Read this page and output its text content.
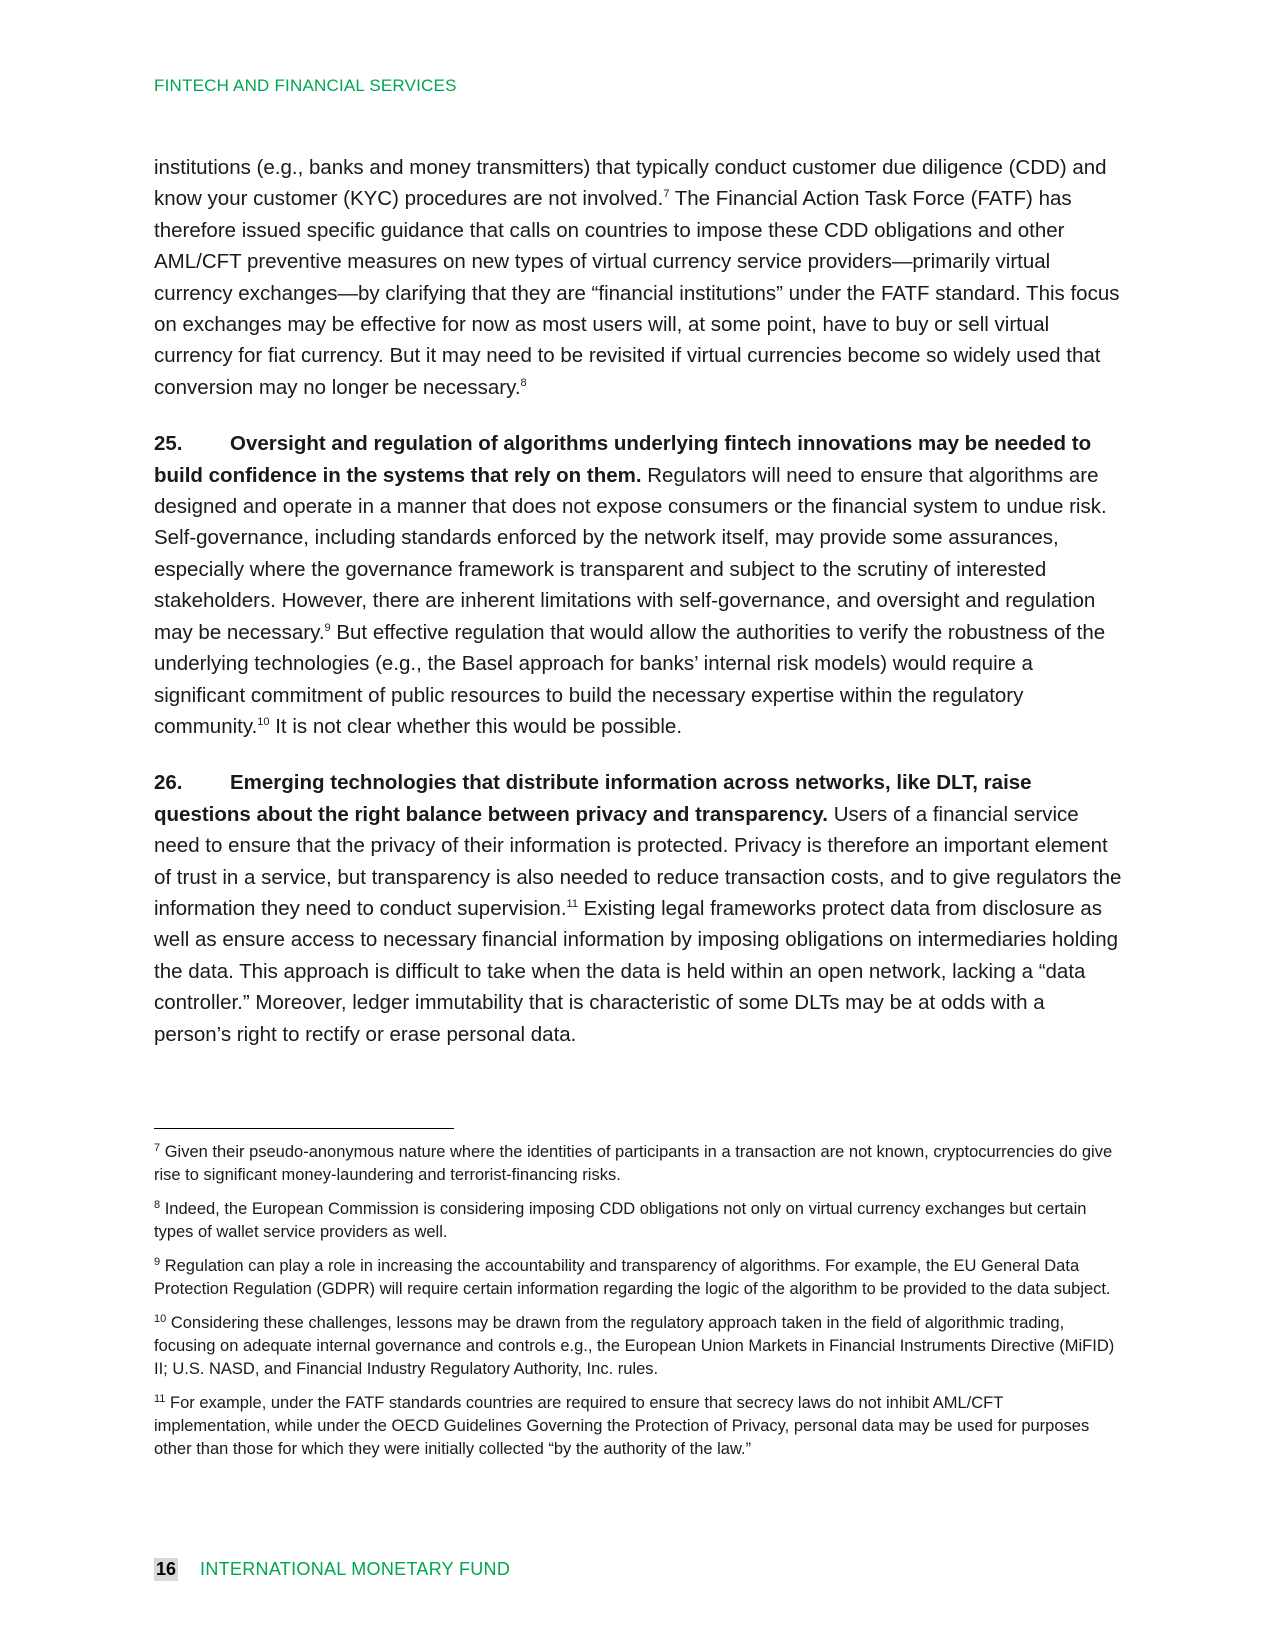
FINTECH AND FINANCIAL SERVICES

institutions (e.g., banks and money transmitters) that typically conduct customer due diligence (CDD) and know your customer (KYC) procedures are not involved.$^7$ The Financial Action Task Force (FATF) has therefore issued specific guidance that calls on countries to impose these CDD obligations and other AML/CFT preventive measures on new types of virtual currency service providers—primarily virtual currency exchanges—by clarifying that they are “financial institutions” under the FATF standard. This focus on exchanges may be effective for now as most users will, at some point, have to buy or sell virtual currency for fiat currency. But it may need to be revisited if virtual currencies become so widely used that conversion may no longer be necessary.$^8$

25. Oversight and regulation of algorithms underlying fintech innovations may be needed to build confidence in the systems that rely on them. Regulators will need to ensure that algorithms are designed and operate in a manner that does not expose consumers or the financial system to undue risk. Self-governance, including standards enforced by the network itself, may provide some assurances, especially where the governance framework is transparent and subject to the scrutiny of interested stakeholders. However, there are inherent limitations with self-governance, and oversight and regulation may be necessary.$^9$ But effective regulation that would allow the authorities to verify the robustness of the underlying technologies (e.g., the Basel approach for banks’ internal risk models) would require a significant commitment of public resources to build the necessary expertise within the regulatory community.$^{10}$ It is not clear whether this would be possible.

26. Emerging technologies that distribute information across networks, like DLT, raise questions about the right balance between privacy and transparency. Users of a financial service need to ensure that the privacy of their information is protected. Privacy is therefore an important element of trust in a service, but transparency is also needed to reduce transaction costs, and to give regulators the information they need to conduct supervision.$^{11}$ Existing legal frameworks protect data from disclosure as well as ensure access to necessary financial information by imposing obligations on intermediaries holding the data. This approach is difficult to take when the data is held within an open network, lacking a “data controller.” Moreover, ledger immutability that is characteristic of some DLTs may be at odds with a person’s right to rectify or erase personal data.

$^7$ Given their pseudo-anonymous nature where the identities of participants in a transaction are not known, cryptocurrencies do give rise to significant money-laundering and terrorist-financing risks.

$^8$ Indeed, the European Commission is considering imposing CDD obligations not only on virtual currency exchanges but certain types of wallet service providers as well.

$^9$ Regulation can play a role in increasing the accountability and transparency of algorithms. For example, the EU General Data Protection Regulation (GDPR) will require certain information regarding the logic of the algorithm to be provided to the data subject.

$^{10}$ Considering these challenges, lessons may be drawn from the regulatory approach taken in the field of algorithmic trading, focusing on adequate internal governance and controls e.g., the European Union Markets in Financial Instruments Directive (MiFID) II; U.S. NASD, and Financial Industry Regulatory Authority, Inc. rules.

$^{11}$ For example, under the FATF standards countries are required to ensure that secrecy laws do not inhibit AML/CFT implementation, while under the OECD Guidelines Governing the Protection of Privacy, personal data may be used for purposes other than those for which they were initially collected “by the authority of the law.”

16 INTERNATIONAL MONETARY FUND
